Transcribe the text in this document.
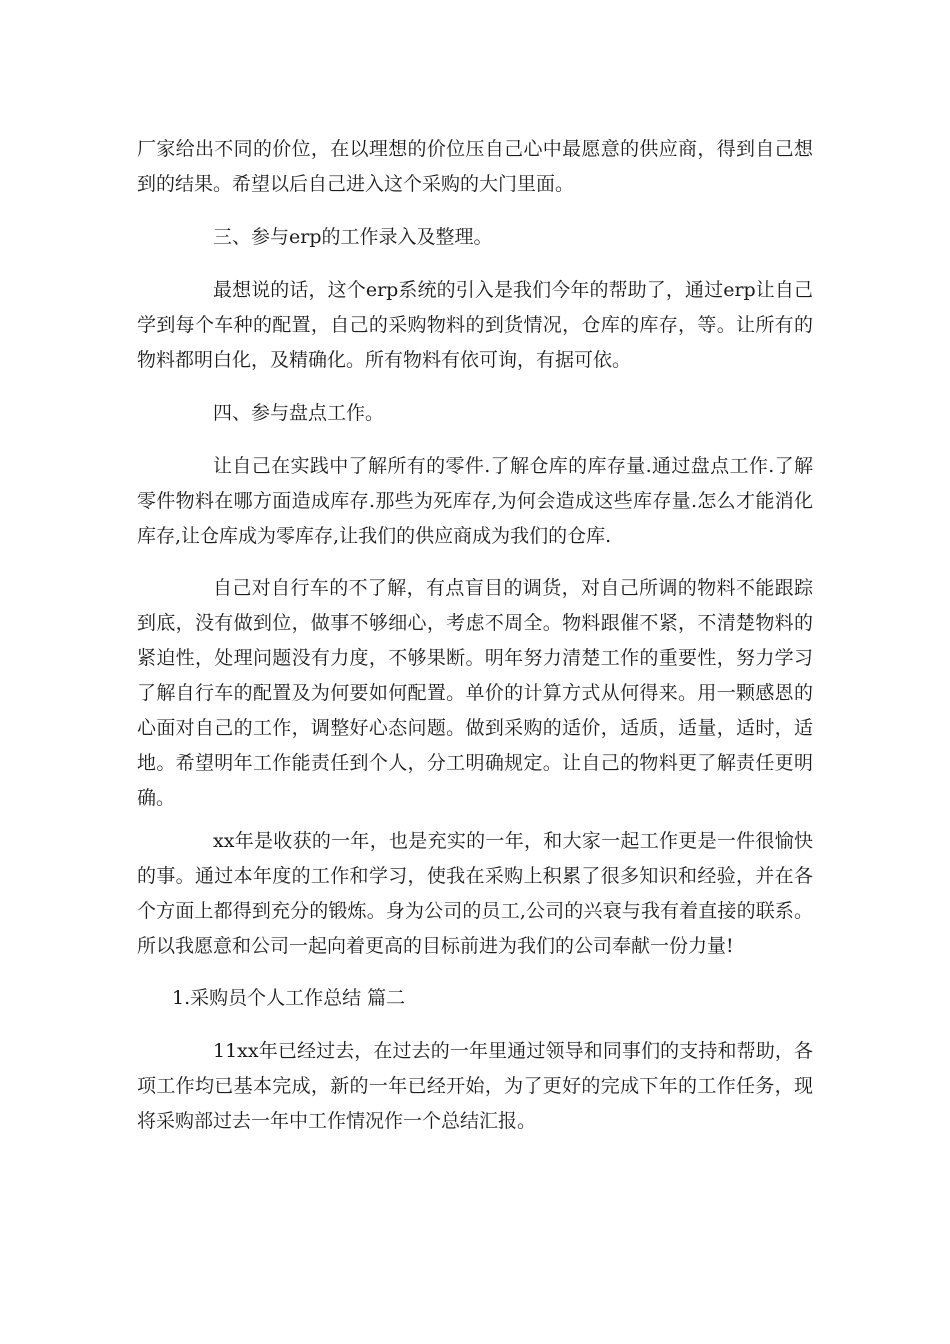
厂家给出不同的价位，在以理想的价位压自己心中最愿意的供应商，得到自己想到的结果。希望以后自己进入这个采购的大门里面。

三、参与erp的工作录入及整理。

最想说的话，这个erp系统的引入是我们今年的帮助了，通过erp让自己学到每个车种的配置，自己的采购物料的到货情况，仓库的库存，等。让所有的物料都明白化，及精确化。所有物料有依可询，有据可依。

四、参与盘点工作。

让自己在实践中了解所有的零件.了解仓库的库存量.通过盘点工作.了解零件物料在哪方面造成库存.那些为死库存,为何会造成这些库存量.怎么才能消化库存,让仓库成为零库存,让我们的供应商成为我们的仓库.

自己对自行车的不了解，有点盲目的调货，对自己所调的物料不能跟踪到底，没有做到位，做事不够细心，考虑不周全。物料跟催不紧，不清楚物料的紧迫性，处理问题没有力度，不够果断。明年努力清楚工作的重要性，努力学习了解自行车的配置及为何要如何配置。单价的计算方式从何得来。用一颗感恩的心面对自己的工作，调整好心态问题。做到采购的适价，适质，适量，适时，适地。希望明年工作能责任到个人，分工明确规定。让自己的物料更了解责任更明确。

xx年是收获的一年，也是充实的一年，和大家一起工作更是一件很愉快的事。通过本年度的工作和学习，使我在采购上积累了很多知识和经验，并在各个方面上都得到充分的锻炼。身为公司的员工,公司的兴衰与我有着直接的联系。所以我愿意和公司一起向着更高的目标前进为我们的公司奉献一份力量!

1.采购员个人工作总结 篇二

11xx年已经过去，在过去的一年里通过领导和同事们的支持和帮助，各项工作均已基本完成，新的一年已经开始，为了更好的完成下年的工作任务，现将采购部过去一年中工作情况作一个总结汇报。
